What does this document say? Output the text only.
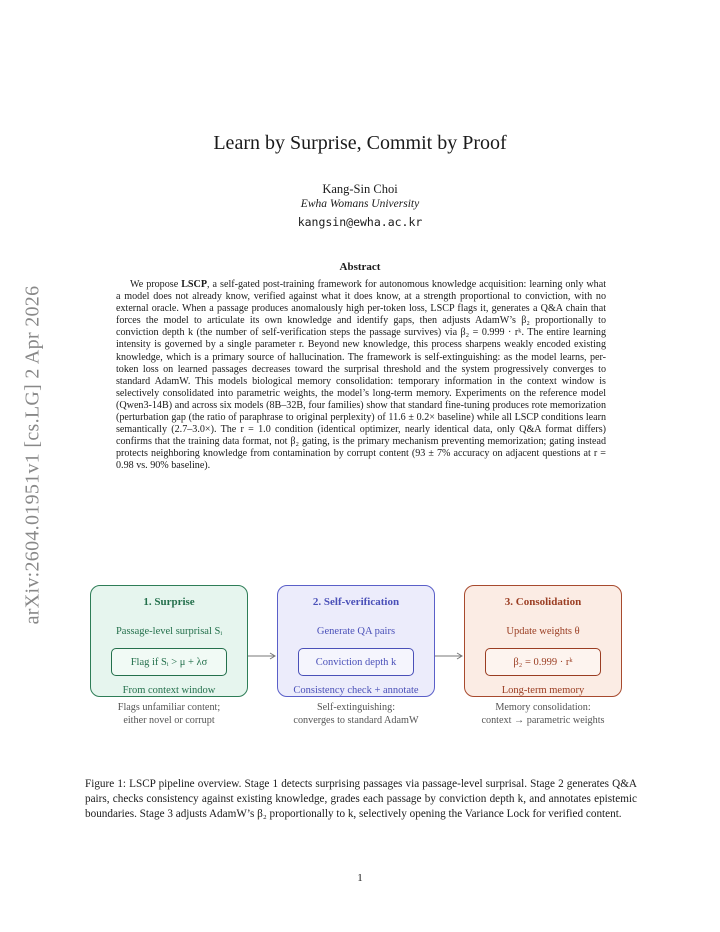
arXiv:2604.01951v1 [cs.LG] 2 Apr 2026
Learn by Surprise, Commit by Proof
Kang-Sin Choi
Ewha Womans University
kangsin@ewha.ac.kr
Abstract
We propose LSCP, a self-gated post-training framework for autonomous knowledge acquisition: learning only what a model does not already know, verified against what it does know, at a strength proportional to conviction, with no external oracle. When a passage produces anomalously high per-token loss, LSCP flags it, generates a Q&A chain that forces the model to articulate its own knowledge and identify gaps, then adjusts AdamW’s β₂ proportionally to conviction depth k (the number of self-verification steps the passage survives) via β₂ = 0.999 · rᵏ. The entire learning intensity is governed by a single parameter r. Beyond new knowledge, this process sharpens weakly encoded existing knowledge, which is a primary source of hallucination. The framework is self-extinguishing: as the model learns, per-token loss on learned passages decreases toward the surprisal threshold and the system progressively converges to standard AdamW. This models biological memory consolidation: temporary information in the context window is selectively consolidated into parametric weights, the model’s long-term memory. Experiments on the reference model (Qwen3-14B) and across six models (8B–32B, four families) show that standard fine-tuning produces rote memorization (perturbation gap (the ratio of paraphrase to original perplexity) of 11.6 ± 0.2× baseline) while all LSCP conditions learn semantically (2.7–3.0×). The r = 1.0 condition (identical optimizer, nearly identical data, only Q&A format differs) confirms that the training data format, not β₂ gating, is the primary mechanism preventing memorization; gating instead protects neighboring knowledge from contamination by corrupt content (93 ± 7% accuracy on adjacent questions at r = 0.98 vs. 90% baseline).
1. Surprise
Passage-level surprisal Sᵢ
Flag if Sᵢ > μ + λσ
From context window
2. Self-verification
Generate QA pairs
Conviction depth k
Consistency check + annotate
3. Consolidation
Update weights θ
β₂ = 0.999 · rᵏ
Long-term memory
Flags unfamiliar content;
either novel or corrupt
Self-extinguishing:
converges to standard AdamW
Memory consolidation:
context → parametric weights
Figure 1: LSCP pipeline overview. Stage 1 detects surprising passages via passage-level surprisal. Stage 2 generates Q&A pairs, checks consistency against existing knowledge, grades each passage by conviction depth k, and annotates epistemic boundaries. Stage 3 adjusts AdamW’s β₂ proportionally to k, selectively opening the Variance Lock for verified content.
1
